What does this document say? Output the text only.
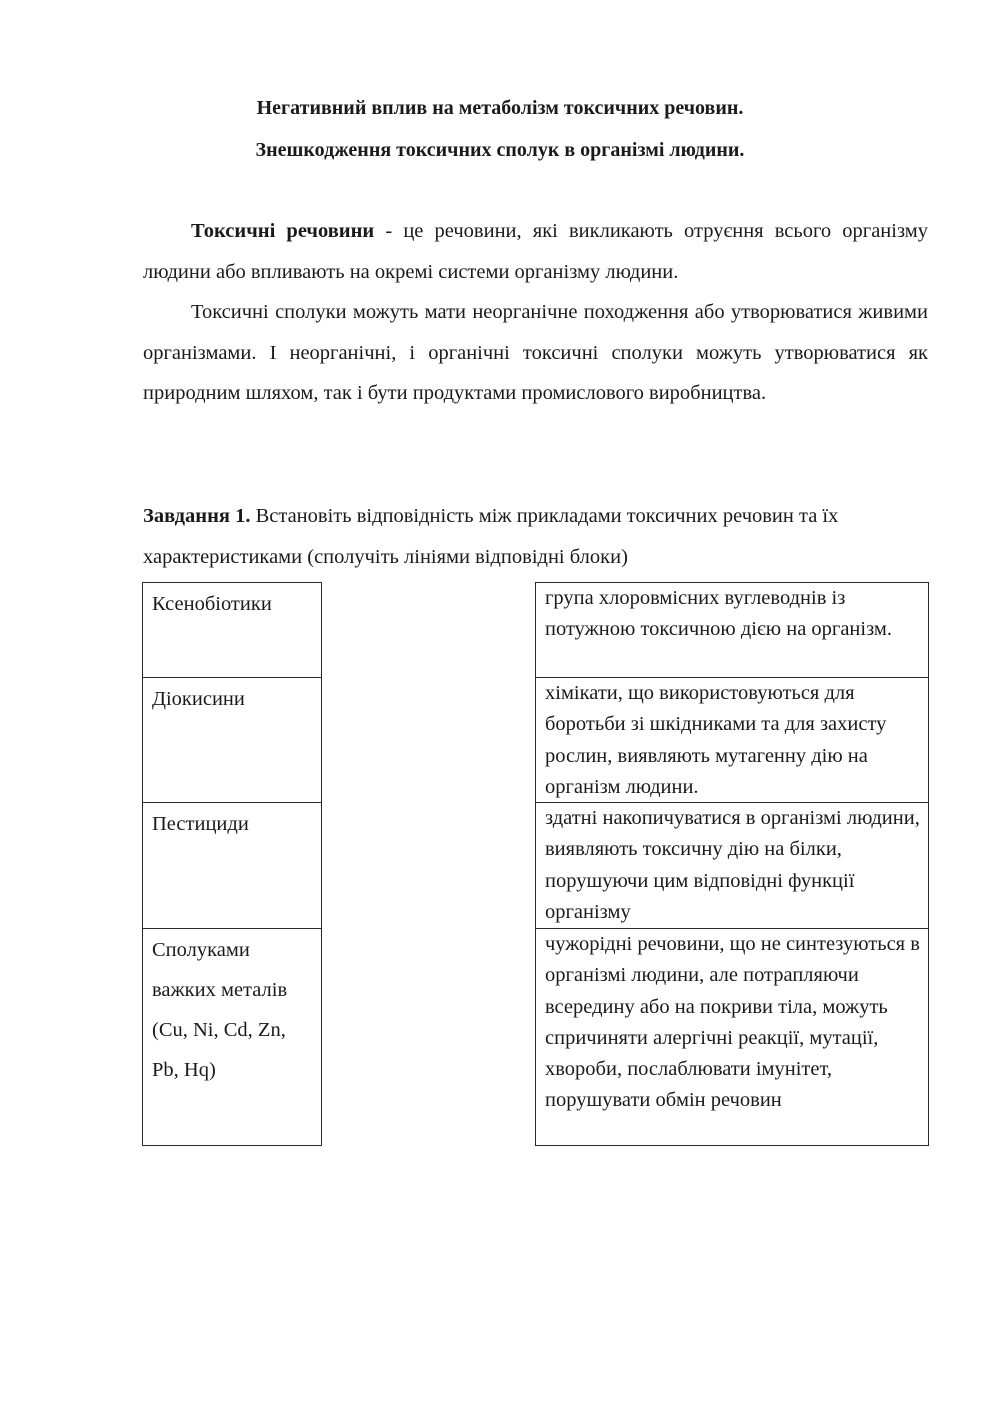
Негативний вплив на метаболізм токсичних речовин.
Знешкодження токсичних сполук в організмі людини.

Токсичні речовини - це речовини, які викликають отруєння всього організму людини або впливають на окремі системи організму людини.

Токсичні сполуки можуть мати неорганічне походження або утворюватися живими організмами. І неорганічні, і органічні токсичні сполуки можуть утворюватися як природним шляхом, так і бути продуктами промислового виробництва.

Завдання 1. Встановіть відповідність між прикладами токсичних речовин та їх характеристиками (сполучіть лініями відповідні блоки)

Ксенобіотики
Діокисини
Пестициди
Сполуками важких металів (Cu, Ni, Cd, Zn, Pb, Hq)
група хлоровмісних вуглеводнів із потужною токсичною дією на організм.
хімікати, що використовуються для боротьби зі шкідниками та для захисту рослин, виявляють мутагенну дію на організм людини.
здатні накопичуватися в організмі людини, виявляють токсичну дію на білки, порушуючи цим відповідні функції організму
чужорідні речовини, що не синтезуються в організмі людини, але потрапляючи всередину або на покриви тіла, можуть спричиняти алергічні реакції, мутації, хвороби, послаблювати імунітет, порушувати обмін речовин
